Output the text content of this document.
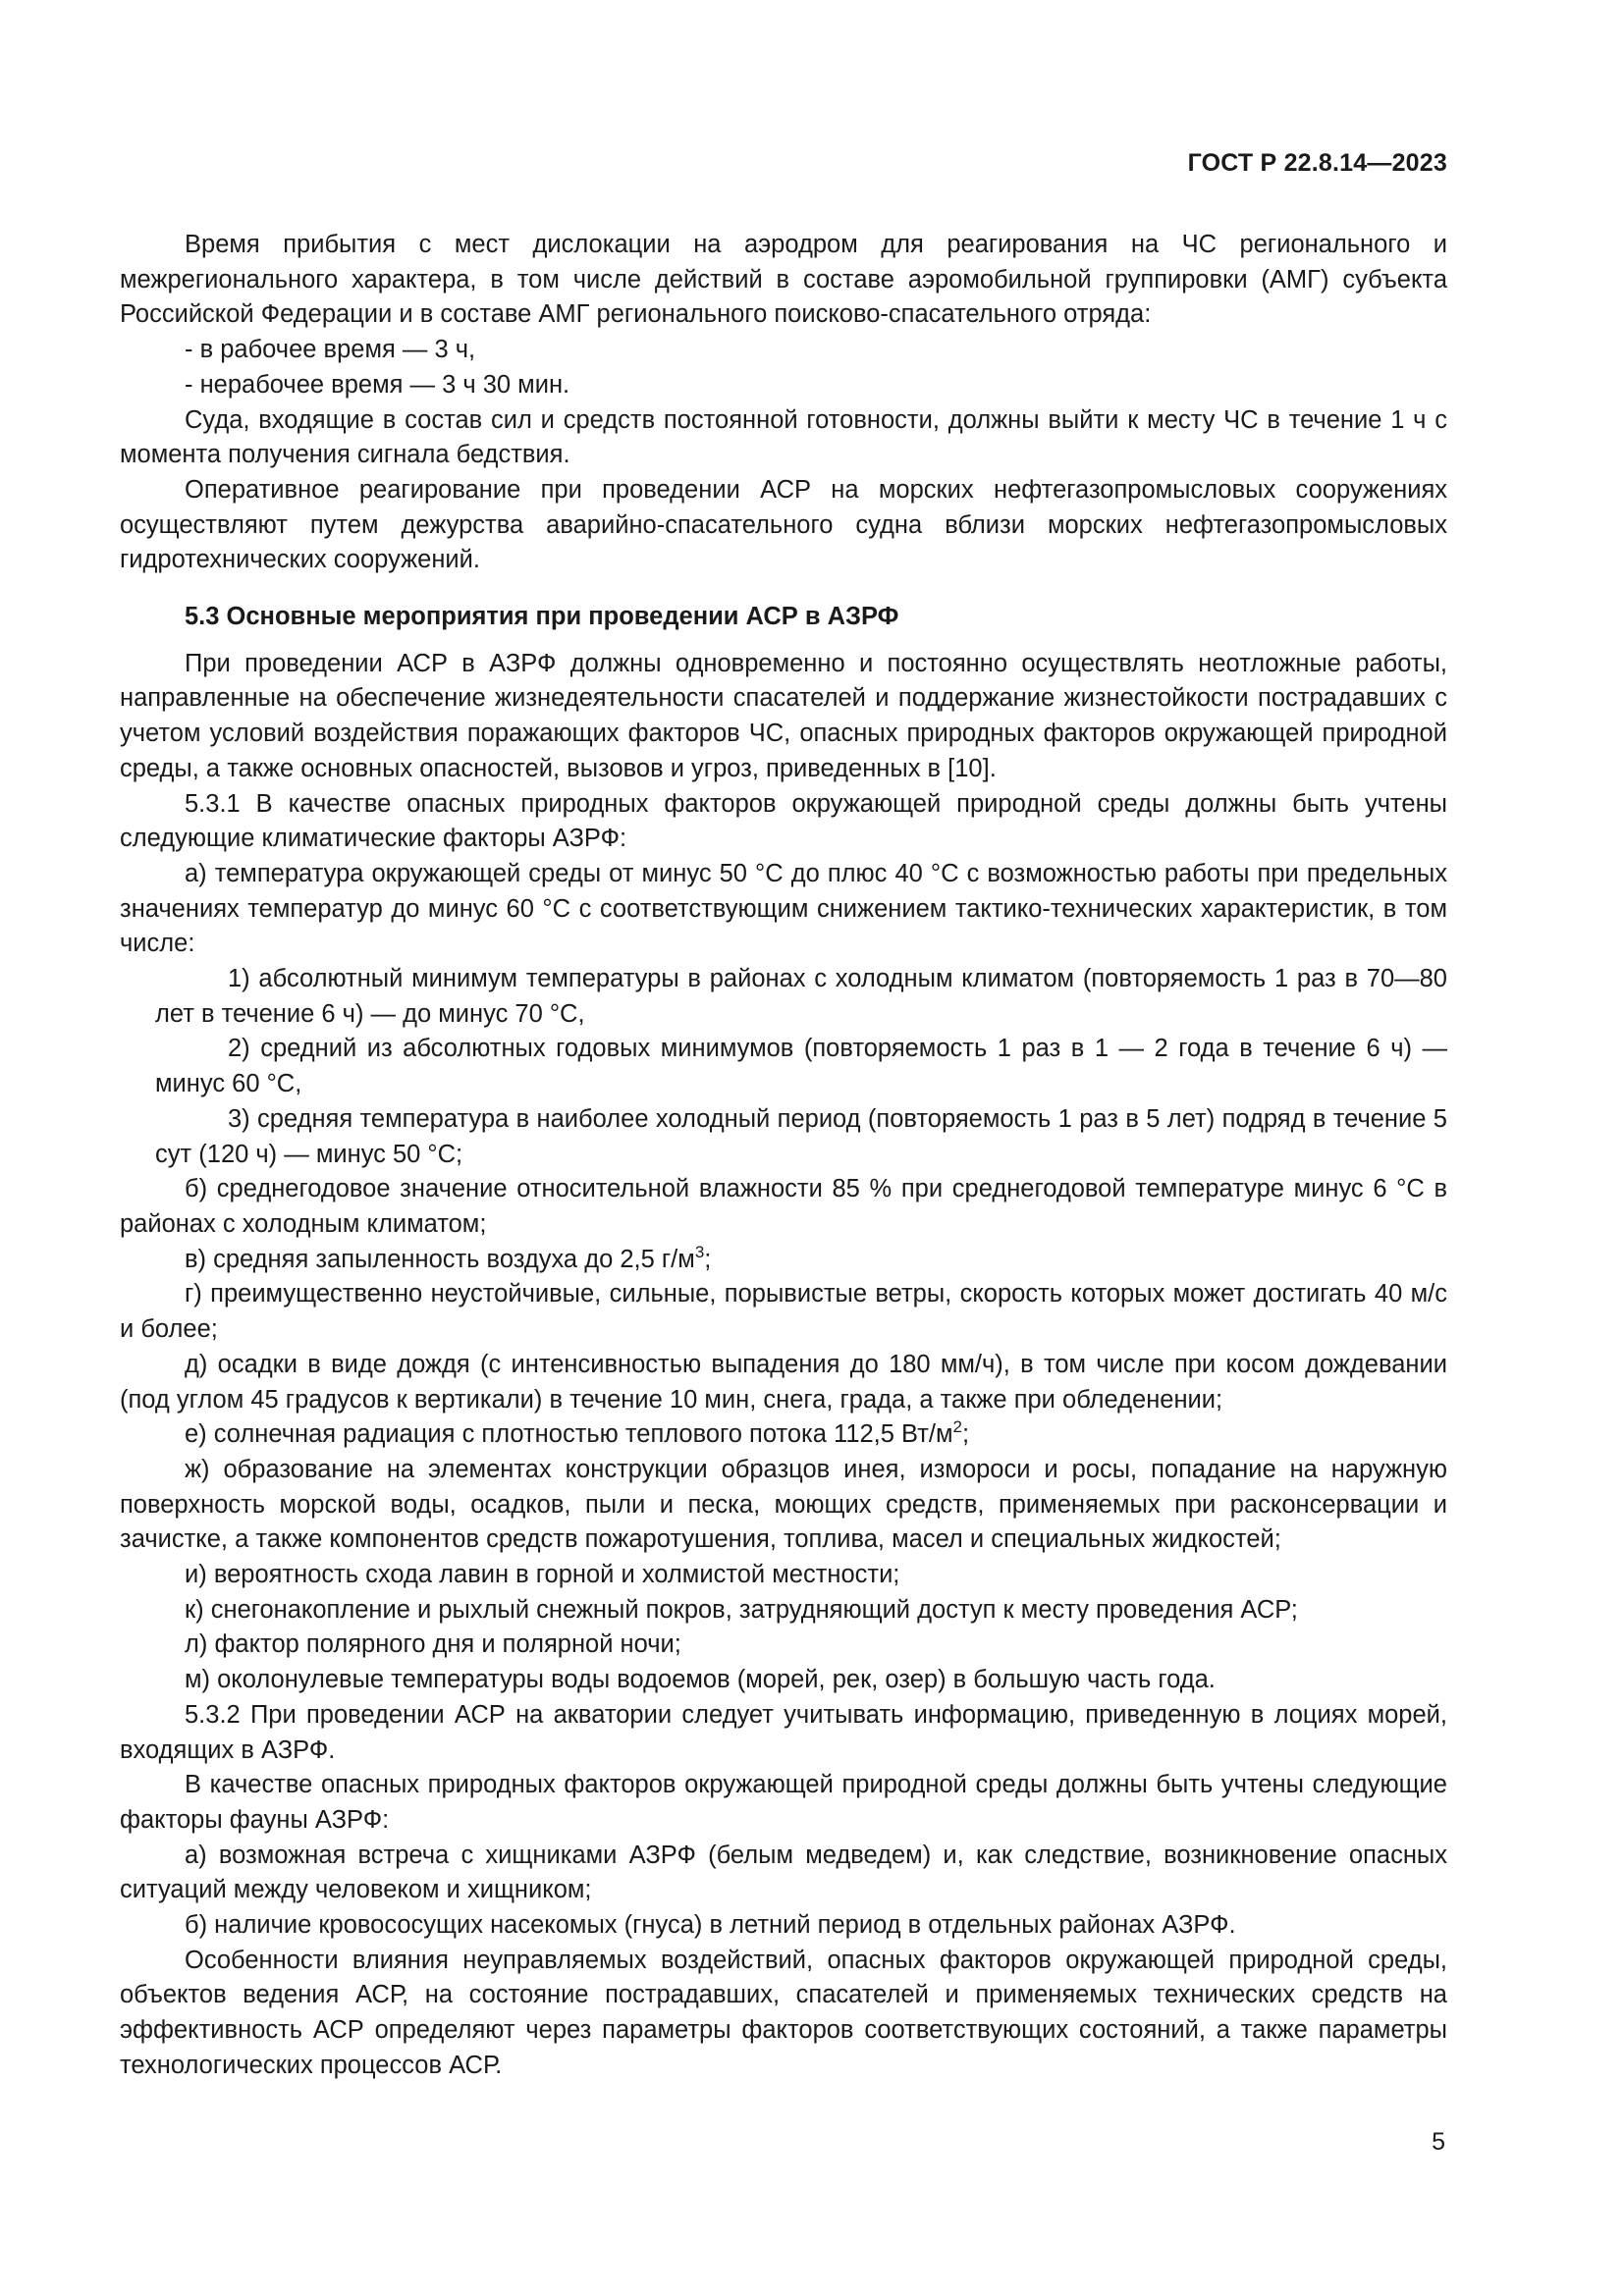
ГОСТ Р 22.8.14—2023

Время прибытия с мест дислокации на аэродром для реагирования на ЧС регионального и межрегионального характера, в том числе действий в составе аэромобильной группировки (АМГ) субъекта Российской Федерации и в составе АМГ регионального поисково-спасательного отряда:

- в рабочее время — 3 ч,

- нерабочее время — 3 ч 30 мин.

Суда, входящие в состав сил и средств постоянной готовности, должны выйти к месту ЧС в течение 1 ч с момента получения сигнала бедствия.

Оперативное реагирование при проведении АСР на морских нефтегазопромысловых сооружениях осуществляют путем дежурства аварийно-спасательного судна вблизи морских нефтегазопромысловых гидротехнических сооружений.

5.3 Основные мероприятия при проведении АСР в АЗРФ

При проведении АСР в АЗРФ должны одновременно и постоянно осуществлять неотложные работы, направленные на обеспечение жизнедеятельности спасателей и поддержание жизнестойкости пострадавших с учетом условий воздействия поражающих факторов ЧС, опасных природных факторов окружающей природной среды, а также основных опасностей, вызовов и угроз, приведенных в [10].

5.3.1 В качестве опасных природных факторов окружающей природной среды должны быть учтены следующие климатические факторы АЗРФ:

а) температура окружающей среды от минус 50 °С до плюс 40 °С с возможностью работы при предельных значениях температур до минус 60 °С с соответствующим снижением тактико-технических характеристик, в том числе:

1) абсолютный минимум температуры в районах с холодным климатом (повторяемость 1 раз в 70—80 лет в течение 6 ч) — до минус 70 °С,

2) средний из абсолютных годовых минимумов (повторяемость 1 раз в 1 — 2 года в течение 6 ч) — минус 60 °С,

3) средняя температура в наиболее холодный период (повторяемость 1 раз в 5 лет) подряд в течение 5 сут (120 ч) — минус 50 °С;

б) среднегодовое значение относительной влажности 85 % при среднегодовой температуре минус 6 °С в районах с холодным климатом;

в) средняя запыленность воздуха до 2,5 $г/м^3$;

г) преимущественно неустойчивые, сильные, порывистые ветры, скорость которых может достигать 40 м/с и более;

д) осадки в виде дождя (с интенсивностью выпадения до 180 мм/ч), в том числе при косом дождевании (под углом 45 градусов к вертикали) в течение 10 мин, снега, града, а также при обледенении;

е) солнечная радиация с плотностью теплового потока 112,5 $Вт/м^2$;

ж) образование на элементах конструкции образцов инея, измороси и росы, попадание на наружную поверхность морской воды, осадков, пыли и песка, моющих средств, применяемых при расконсервации и зачистке, а также компонентов средств пожаротушения, топлива, масел и специальных жидкостей;

и) вероятность схода лавин в горной и холмистой местности;

к) снегонакопление и рыхлый снежный покров, затрудняющий доступ к месту проведения АСР;

л) фактор полярного дня и полярной ночи;

м) околонулевые температуры воды водоемов (морей, рек, озер) в большую часть года.

5.3.2 При проведении АСР на акватории следует учитывать информацию, приведенную в лоциях морей, входящих в АЗРФ.

В качестве опасных природных факторов окружающей природной среды должны быть учтены следующие факторы фауны АЗРФ:

а) возможная встреча с хищниками АЗРФ (белым медведем) и, как следствие, возникновение опасных ситуаций между человеком и хищником;

б) наличие кровососущих насекомых (гнуса) в летний период в отдельных районах АЗРФ.

Особенности влияния неуправляемых воздействий, опасных факторов окружающей природной среды, объектов ведения АСР, на состояние пострадавших, спасателей и применяемых технических средств на эффективность АСР определяют через параметры факторов соответствующих состояний, а также параметры технологических процессов АСР.

5
